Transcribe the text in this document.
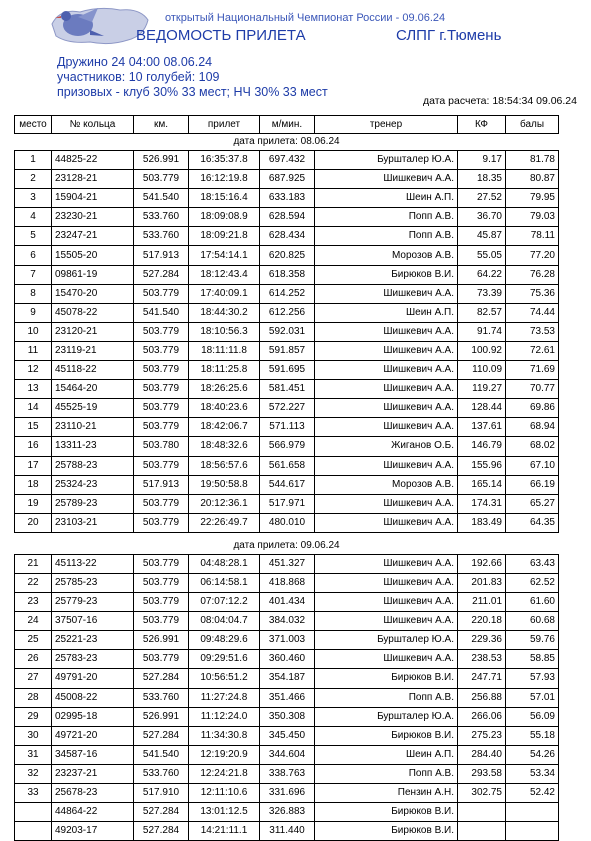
открытый Национальный Чемпионат России - 09.06.24
ВЕДОМОСТЬ ПРИЛЕТА	СЛПГ г.Тюмень
Дружино 24 04:00 08.06.24
участников: 10 голубей: 109
призовых - клуб 30% 33 мест; НЧ 30% 33 мест
дата расчета: 18:54:34 09.06.24
место	№ кольца	км.	прилет	м/мин.	тренер	КФ	балы
дата прилета: 08.06.24							
1	44825-22	526.991	16:35:37.8	697.432	Буршталер Ю.А.	9.17	81.78
2	23128-21	503.779	16:12:19.8	687.925	Шишкевич А.А.	18.35	80.87
3	15904-21	541.540	18:15:16.4	633.183	Шеин А.П.	27.52	79.95
4	23230-21	533.760	18:09:08.9	628.594	Попп А.В.	36.70	79.03
5	23247-21	533.760	18:09:21.8	628.434	Попп А.В.	45.87	78.11
6	15505-20	517.913	17:54:14.1	620.825	Морозов А.В.	55.05	77.20
7	09861-19	527.284	18:12:43.4	618.358	Бирюков В.И.	64.22	76.28
8	15470-20	503.779	17:40:09.1	614.252	Шишкевич А.А.	73.39	75.36
9	45078-22	541.540	18:44:30.2	612.256	Шеин А.П.	82.57	74.44
10	23120-21	503.779	18:10:56.3	592.031	Шишкевич А.А.	91.74	73.53
11	23119-21	503.779	18:11:11.8	591.857	Шишкевич А.А.	100.92	72.61
12	45118-22	503.779	18:11:25.8	591.695	Шишкевич А.А.	110.09	71.69
13	15464-20	503.779	18:26:25.6	581.451	Шишкевич А.А.	119.27	70.77
14	45525-19	503.779	18:40:23.6	572.227	Шишкевич А.А.	128.44	69.86
15	23110-21	503.779	18:42:06.7	571.113	Шишкевич А.А.	137.61	68.94
16	13311-23	503.780	18:48:32.6	566.979	Жиганов О.Б.	146.79	68.02
17	25788-23	503.779	18:56:57.6	561.658	Шишкевич А.А.	155.96	67.10
18	25324-23	517.913	19:50:58.8	544.617	Морозов А.В.	165.14	66.19
19	25789-23	503.779	20:12:36.1	517.971	Шишкевич А.А.	174.31	65.27
20	23103-21	503.779	22:26:49.7	480.010	Шишкевич А.А.	183.49	64.35

дата прилета: 09.06.24							
21	45113-22	503.779	04:48:28.1	451.327	Шишкевич А.А.	192.66	63.43
22	25785-23	503.779	06:14:58.1	418.868	Шишкевич А.А.	201.83	62.52
23	25779-23	503.779	07:07:12.2	401.434	Шишкевич А.А.	211.01	61.60
24	37507-16	503.779	08:04:04.7	384.032	Шишкевич А.А.	220.18	60.68
25	25221-23	526.991	09:48:29.6	371.003	Буршталер Ю.А.	229.36	59.76
26	25783-23	503.779	09:29:51.6	360.460	Шишкевич А.А.	238.53	58.85
27	49791-20	527.284	10:56:51.2	354.187	Бирюков В.И.	247.71	57.93
28	45008-22	533.760	11:27:24.8	351.466	Попп А.В.	256.88	57.01
29	02995-18	526.991	11:12:24.0	350.308	Буршталер Ю.А.	266.06	56.09
30	49721-20	527.284	11:34:30.8	345.450	Бирюков В.И.	275.23	55.18
31	34587-16	541.540	12:19:20.9	344.604	Шеин А.П.	284.40	54.26
32	23237-21	533.760	12:24:21.8	338.763	Попп А.В.	293.58	53.34
33	25678-23	517.910	12:11:10.6	331.696	Пензин А.Н.	302.75	52.42
	44864-22	527.284	13:01:12.5	326.883	Бирюков В.И.		
	49203-17	527.284	14:21:11.1	311.440	Бирюков В.И.		
